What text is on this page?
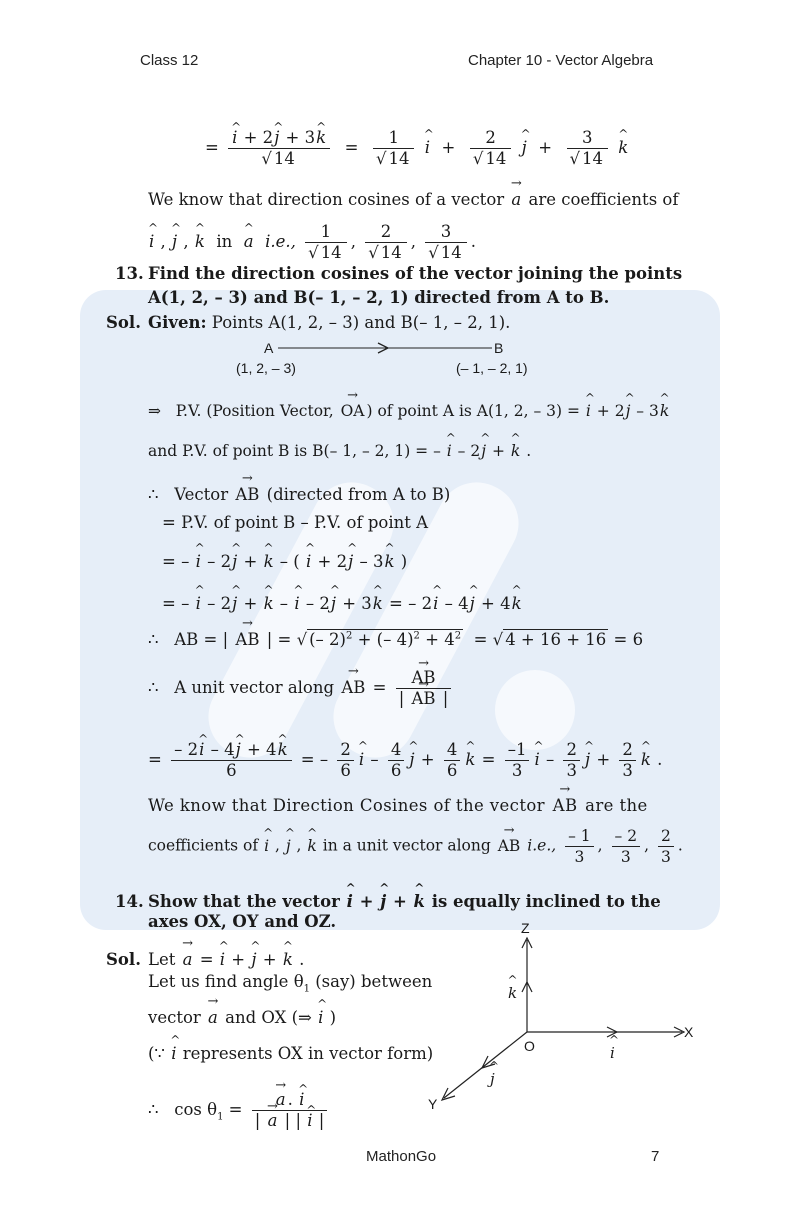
Class 12	Chapter 10 - Vector Algebra
= ^ $\frac{i + 2\^{} j + 3\^{} k}{√ 14} = \frac{1}{√ 14}$ ^ $i + \frac{2}{√ 14}$ ^ $j + \frac{3}{√ 14}$ ^ k
We know that direction cosines of a vector → a are coefficients of
^ i , ^ j , ^ k  in  ^ a i.e., $\frac{1}{√ 14}$ , $\frac{2}{√ 14}$ , $\frac{3}{√ 14}$ .
13. Find the direction cosines of the vector joining the points
A(1, 2, – 3) and B(– 1, – 2, 1) directed from A to B.
Sol. Given: Points A(1, 2, – 3) and B(– 1, – 2, 1).
A	B
(1, 2, – 3)	(– 1, – 2, 1)
⇒   P.V. (Position Vector, → OA ) of point A is A(1, 2, – 3) = ^ i + 2^ j – 3^ k
and P.V. of point B is B(– 1, – 2, 1) = – ^ i – 2^ j + ^ k .
∴   Vector → AB (directed from A to B)
= P.V. of point B – P.V. of point A
= – ^ i – 2^ j + ^ k – ( ^ i + 2^ j – 3^ k )
= – ^ i – 2^ j + ^ k – ^ i – 2^ j + 3^ k = – 2^ i – 4^ j + 4^ k
∴   AB = | → AB | = √ (– 2)$^2$ + (– $4)^2 + 4^2$  = √ 4 + 16 + 16 = 6
∴   A unit vector along → AB = → $\frac{AB}{| \to AB |}$
= $\frac{- 2\^{} i - 4\^{} j + 4\^{} k}{6}$ = – $\frac{2}{6}$ ^ i – $\frac{4}{6}$ ^ $j + \frac{4}{6}$ ^ $k = \frac{-1}{3}$ ^ i – $\frac{2}{3}$ ^ $j + \frac{2}{3}$ ^ k .
We know that Direction Cosines of the vector → AB are the
coefficients of ^ i , ^ j , ^ k in a unit vector along → AB i.e., $\frac{- 1}{3}$ , $\frac{- 2}{3}$ , $\frac{2}{3}$ .
14. Show that the vector ^ i + ^ j + ^ k is equally inclined to the
axes OX, OY and OZ.
Sol. Let → a = ^ i + ^ j + ^ k .
Let us find angle $\theta_1$ (say) between
vector → a and OX (⇒ ^ i )
(∵ ^ i represents OX in vector form)
∴   $\cos \theta_1$ = → $\frac{a . \^{} i}{| \to a | | \^{} i |}$
Z
X
Y
O
^ k
^ i
^ j
MathonGo	7
